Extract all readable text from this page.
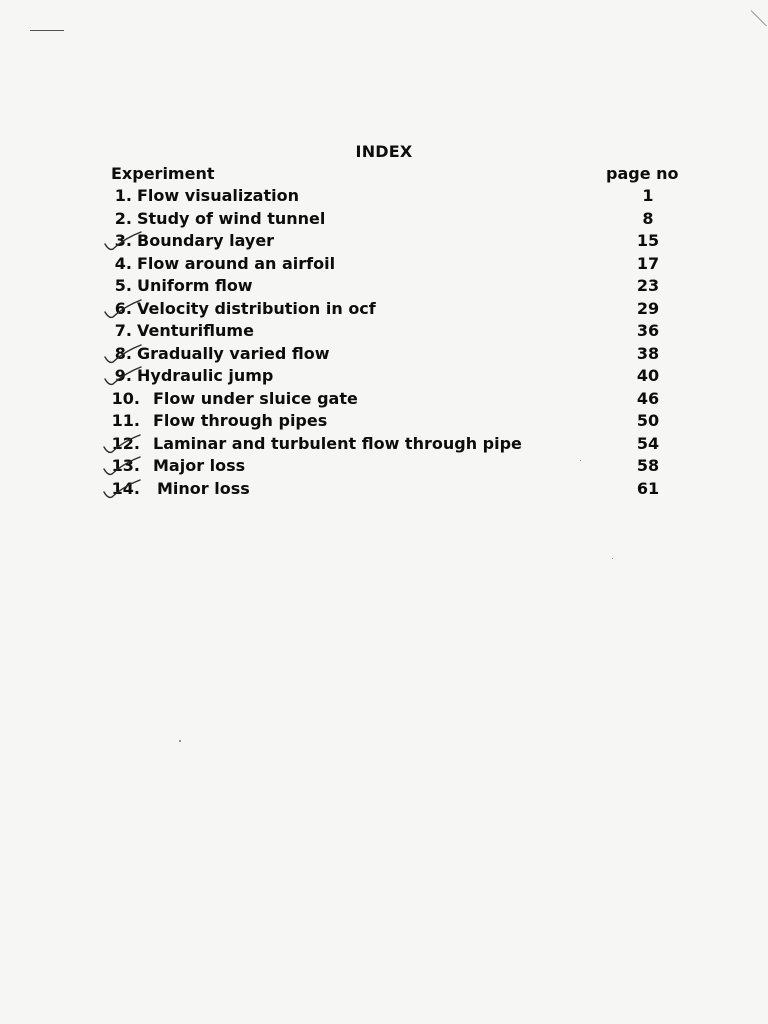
INDEX
Experiment	page no
1. Flow visualization	1
2. Study of wind tunnel	8
3. Boundary layer	15
4. Flow around an airfoil	17
5. Uniform flow	23
6. Velocity distribution in ocf	29
7. Venturiflume	36
8. Gradually varied flow	38
9. Hydraulic jump	40
10. Flow under sluice gate	46
11. Flow through pipes	50
12. Laminar and turbulent flow through pipe	54
13. Major loss	58
14. Minor loss	61
